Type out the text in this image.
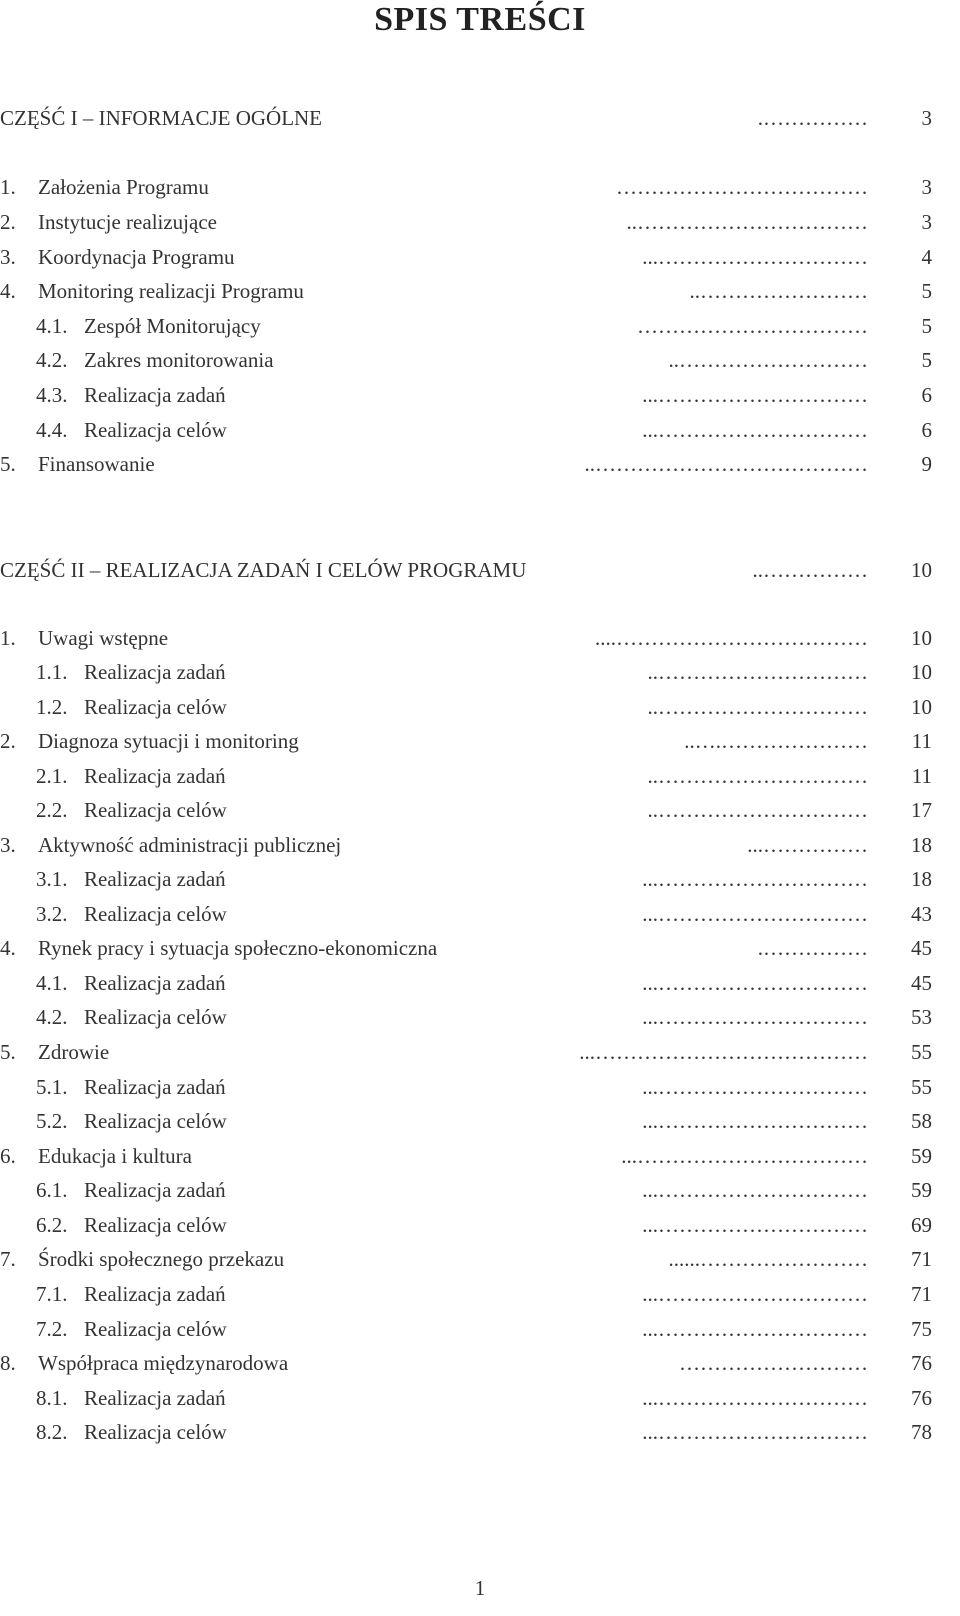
SPIS TREŚCI
CZĘŚĆ I – INFORMACJE OGÓLNE	…………….	3
1. Założenia Programu	………………………………	3
2. Instytucje realizujące	……………………………..	3
3. Koordynacja Programu	…………………………...	4
4. Monitoring realizacji Programu	……………………..	5
4.1. Zespół Monitorujący	……………………………	5
4.2. Zakres monitorowania	………………………..	5
4.3. Realizacja zadań	…………………………...	6
4.4. Realizacja celów	…………………………...	6
5. Finansowanie	…………………………………..	9
CZĘŚĆ II – REALIZACJA ZADAŃ I CELÓW PROGRAMU	…………….. 10
1. Uwagi wstępne	……………………………….... 10
1.1. Realizacja zadań	………………………….. 10
1.2. Realizacja celów	………………………….. 10
2. Diagnoza sytuacji i monitoring	………………….….. 11
2.1. Realizacja zadań	………………………….. 11
2.2. Realizacja celów	………………………….. 17
3. Aktywność administracji publicznej	……………... 18
3.1. Realizacja zadań	…………………………... 18
3.2. Realizacja celów	…………………………... 43
4. Rynek pracy i sytuacja społeczno-ekonomiczna	……………. 45
4.1. Realizacja zadań	…………………………... 45
4.2. Realizacja celów	…………………………... 53
5. Zdrowie	…………………………………... 55
5.1. Realizacja zadań	…………………………... 55
5.2. Realizacja celów	…………………………... 58
6. Edukacja i kultura	……………………………... 59
6.1. Realizacja zadań	…………………………... 59
6.2. Realizacja celów	…………………………... 69
7. Środki społecznego przekazu	……………………...... 71
7.1. Realizacja zadań	…………………………... 71
7.2. Realizacja celów	…………………………... 75
8. Współpraca międzynarodowa	……………………… 76
8.1. Realizacja zadań	…………………………... 76
8.2. Realizacja celów	…………………………... 78
1
